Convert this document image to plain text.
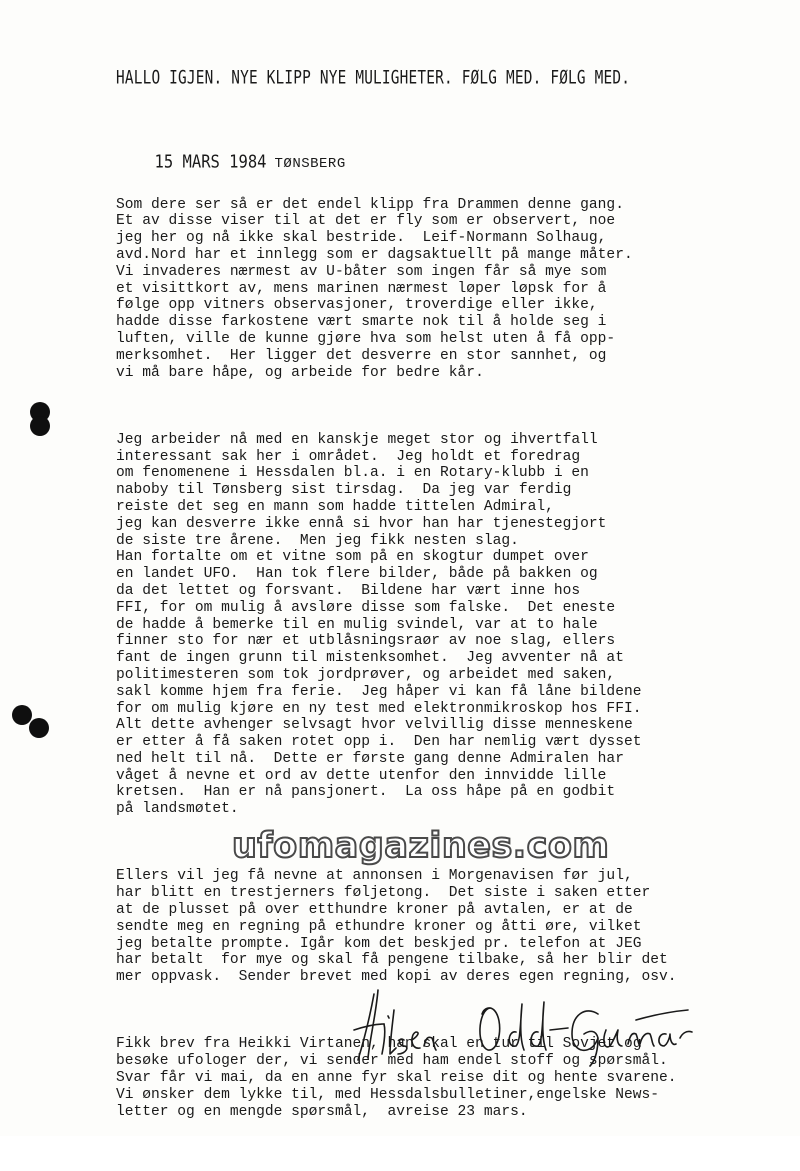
HALLO IGJEN. NYE KLIPP NYE MULIGHETER. FØLG MED. FØLG MED.

15 MARS 1984 TØNSBERG

Som dere ser så er det endel klipp fra Drammen denne gang.
Et av disse viser til at det er fly som er observert, noe
jeg her og nå ikke skal bestride.  Leif-Normann Solhaug,
avd.Nord har et innlegg som er dagsaktuellt på mange måter.
Vi invaderes nærmest av U-båter som ingen får så mye som
et visittkort av, mens marinen nærmest løper løpsk for å
følge opp vitners observasjoner, troverdige eller ikke,
hadde disse farkostene vært smarte nok til å holde seg i
luften, ville de kunne gjøre hva som helst uten å få opp-
merksomhet.  Her ligger det desverre en stor sannhet, og
vi må bare håpe, og arbeide for bedre kår.

Jeg arbeider nå med en kanskje meget stor og ihvertfall
interessant sak her i området.  Jeg holdt et foredrag
om fenomenene i Hessdalen bl.a. i en Rotary-klubb i en
naboby til Tønsberg sist tirsdag.  Da jeg var ferdig
reiste det seg en mann som hadde tittelen Admiral,
jeg kan desverre ikke ennå si hvor han har tjenestegjort
de siste tre årene.  Men jeg fikk nesten slag.
Han fortalte om et vitne som på en skogtur dumpet over
en landet UFO.  Han tok flere bilder, både på bakken og
da det lettet og forsvant.  Bildene har vært inne hos
FFI, for om mulig å avsløre disse som falske.  Det eneste
de hadde å bemerke til en mulig svindel, var at to hale
finner sto for nær et utblåsningsraør av noe slag, ellers
fant de ingen grunn til mistenksomhet.  Jeg avventer nå at
politimesteren som tok jordprøver, og arbeidet med saken,
sakl komme hjem fra ferie.  Jeg håper vi kan få låne bildene
for om mulig kjøre en ny test med elektronmikroskop hos FFI.
Alt dette avhenger selvsagt hvor velvillig disse menneskene
er etter å få saken rotet opp i.  Den har nemlig vært dysset
ned helt til nå.  Dette er første gang denne Admiralen har
våget å nevne et ord av dette utenfor den innvidde lille
kretsen.  Han er nå pansjonert.  La oss håpe på en godbit
på landsmøtet.

Ellers vil jeg få nevne at annonsen i Morgenavisen før jul,
har blitt en trestjerners føljetong.  Det siste i saken etter
at de plusset på over etthundre kroner på avtalen, er at de
sendte meg en regning på ethundre kroner og åtti øre, vilket
jeg betalte prompte. Igår kom det beskjed pr. telefon at JEG
har betalt  for mye og skal få pengene tilbake, så her blir det
mer oppvask.  Sender brevet med kopi av deres egen regning, osv.

Fikk brev fra Heikki Virtanen, han skal en tur til Sovjet og
besøke ufologer der, vi sender med ham endel stoff og spørsmål.
Svar får vi mai, da en anne fyr skal reise dit og hente svarene.
Vi ønsker dem lykke til, med Hessdalsbulletiner,engelske News-
letter og en mengde spørsmål,  avreise 23 mars.

ufomagazines.com
